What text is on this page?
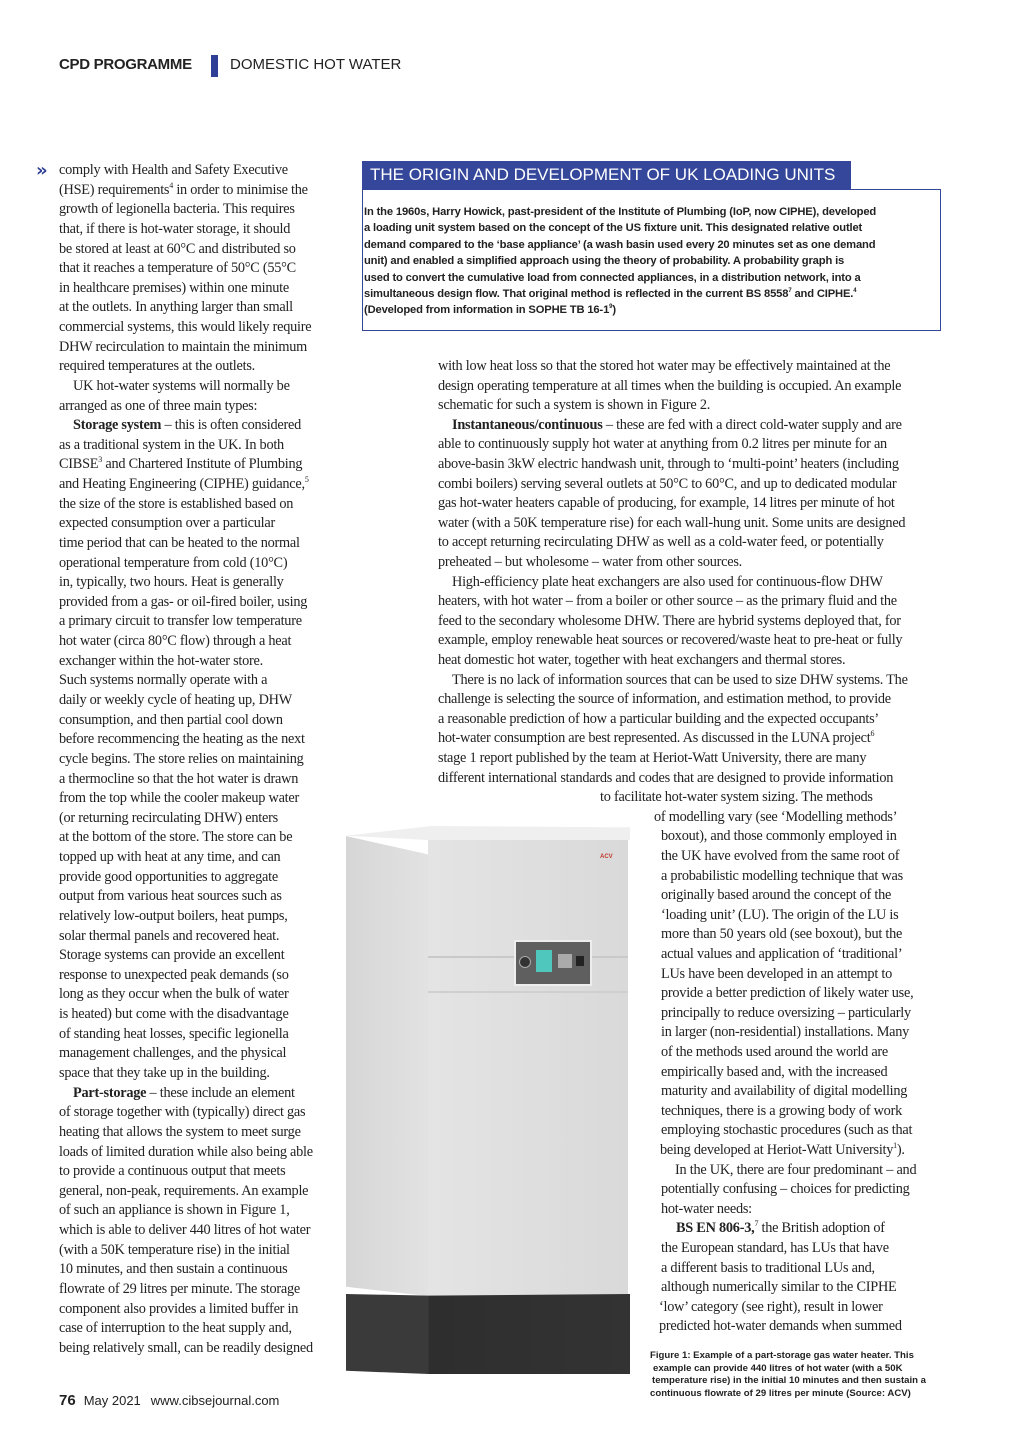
CPD PROGRAMME	DOMESTIC HOT WATER
» comply with Health and Safety Executive
(HSE) requirements$^4$ in order to minimise the
growth of legionella bacteria. This requires
that, if there is hot-water storage, it should
be stored at least at 60°C and distributed so
that it reaches a temperature of 50°C (55°C
in healthcare premises) within one minute
at the outlets. In anything larger than small
commercial systems, this would likely require
DHW recirculation to maintain the minimum
required temperatures at the outlets.
UK hot-water systems will normally be
arranged as one of three main types:
Storage system – this is often considered
as a traditional system in the UK. In both
CIBSE$^3$ and Chartered Institute of Plumbing
and Heating Engineering (CIPHE) guidance,$^5$
the size of the store is established based on
expected consumption over a particular
time period that can be heated to the normal
operational temperature from cold (10°C)
in, typically, two hours. Heat is generally
provided from a gas- or oil-fired boiler, using
a primary circuit to transfer low temperature
hot water (circa 80°C flow) through a heat
exchanger within the hot-water store.
Such systems normally operate with a
daily or weekly cycle of heating up, DHW
consumption, and then partial cool down
before recommencing the heating as the next
cycle begins. The store relies on maintaining
a thermocline so that the hot water is drawn
from the top while the cooler makeup water
(or returning recirculating DHW) enters
at the bottom of the store. The store can be
topped up with heat at any time, and can
provide good opportunities to aggregate
output from various heat sources such as
relatively low-output boilers, heat pumps,
solar thermal panels and recovered heat.
Storage systems can provide an excellent
response to unexpected peak demands (so
long as they occur when the bulk of water
is heated) but come with the disadvantage
of standing heat losses, specific legionella
management challenges, and the physical
space that they take up in the building.
Part-storage – these include an element
of storage together with (typically) direct gas
heating that allows the system to meet surge
loads of limited duration while also being able
to provide a continuous output that meets
general, non-peak, requirements. An example
of such an appliance is shown in Figure 1,
which is able to deliver 440 litres of hot water
(with a 50K temperature rise) in the initial
10 minutes, and then sustain a continuous
flowrate of 29 litres per minute. The storage
component also provides a limited buffer in
case of interruption to the heat supply and,
being relatively small, can be readily designed
with low heat loss so that the stored hot water may be effectively maintained at the
design operating temperature at all times when the building is occupied. An example
schematic for such a system is shown in Figure 2.
Instantaneous/continuous – these are fed with a direct cold-water supply and are
able to continuously supply hot water at anything from 0.2 litres per minute for an
above-basin 3kW electric handwash unit, through to ‘multi-point’ heaters (including
combi boilers) serving several outlets at 50°C to 60°C, and up to dedicated modular
gas hot-water heaters capable of producing, for example, 14 litres per minute of hot
water (with a 50K temperature rise) for each wall-hung unit. Some units are designed
to accept returning recirculating DHW as well as a cold-water feed, or potentially
preheated – but wholesome – water from other sources.
High-efficiency plate heat exchangers are also used for continuous-flow DHW
heaters, with hot water – from a boiler or other source – as the primary fluid and the
feed to the secondary wholesome DHW. There are hybrid systems deployed that, for
example, employ renewable heat sources or recovered/waste heat to pre-heat or fully
heat domestic hot water, together with heat exchangers and thermal stores.
There is no lack of information sources that can be used to size DHW systems. The
challenge is selecting the source of information, and estimation method, to provide
a reasonable prediction of how a particular building and the expected occupants’
hot-water consumption are best represented. As discussed in the LUNA project$^6$
stage 1 report published by the team at Heriot-Watt University, there are many
different international standards and codes that are designed to provide information
to facilitate hot-water system sizing. The methods
of modelling vary (see ‘Modelling methods’
boxout), and those commonly employed in
the UK have evolved from the same root of
a probabilistic modelling technique that was
originally based around the concept of the
‘loading unit’ (LU). The origin of the LU is
more than 50 years old (see boxout), but the
actual values and application of ‘traditional’
LUs have been developed in an attempt to
provide a better prediction of likely water use,
principally to reduce oversizing – particularly
in larger (non-residential) installations. Many
of the methods used around the world are
empirically based and, with the increased
maturity and availability of digital modelling
techniques, there is a growing body of work
employing stochastic procedures (such as that
being developed at Heriot-Watt University$^1$).
In the UK, there are four predominant – and
potentially confusing – choices for predicting
hot-water needs:
BS EN 806-3,$^7$ the British adoption of
the European standard, has LUs that have
a different basis to traditional LUs and,
although numerically similar to the CIPHE
‘low’ category (see right), result in lower
predicted hot-water demands when summed
THE ORIGIN AND DEVELOPMENT OF UK LOADING UNITS
In the 1960s, Harry Howick, past-president of the Institute of Plumbing (IoP, now CIPHE), developed
a loading unit system based on the concept of the US fixture unit. This designated relative outlet
demand compared to the ‘base appliance’ (a wash basin used every 20 minutes set as one demand
unit) and enabled a simplified approach using the theory of probability. A probability graph is
used to convert the cumulative load from connected appliances, in a distribution network, into a
simultaneous design flow. That original method is reflected in the current BS 8558$^7$ and CIPHE.$^4$
(Developed from information in SOPHE TB $16-1^9$)
ACV
Figure 1: Example of a part-storage gas water heater. This
example can provide 440 litres of hot water (with a 50K
temperature rise) in the initial 10 minutes and then sustain a
continuous flowrate of 29 litres per minute (Source: ACV)
76 May 2021 www.cibsejournal.com
